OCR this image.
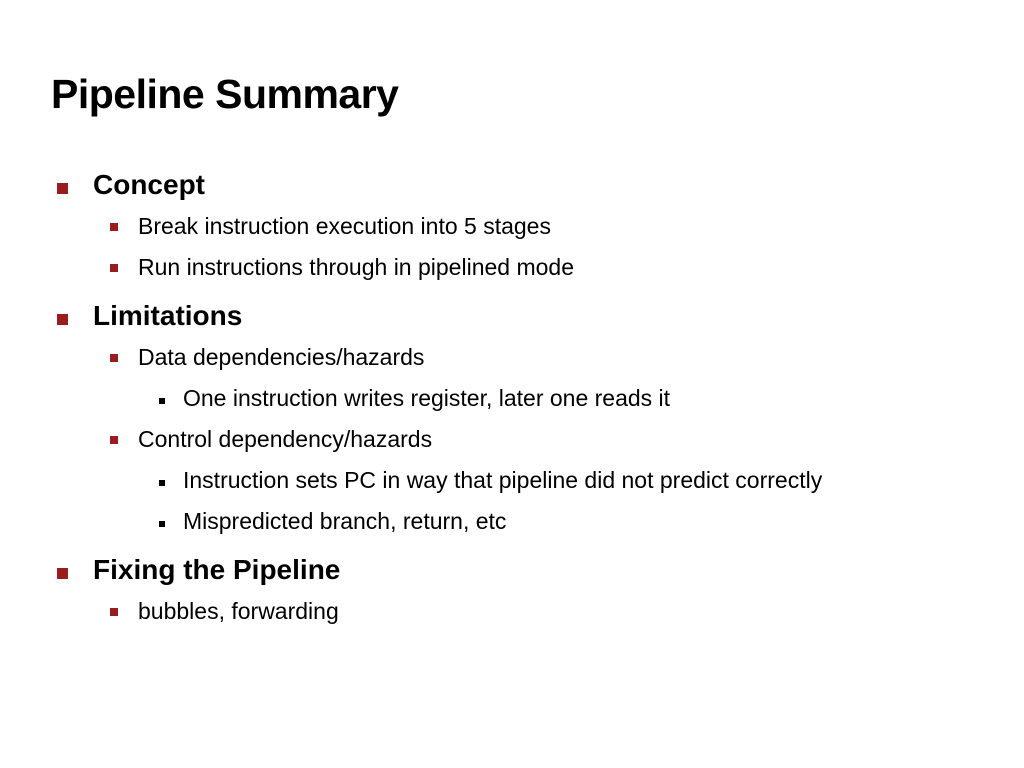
Pipeline Summary
Concept
Break instruction execution into 5 stages
Run instructions through in pipelined mode
Limitations
Data dependencies/hazards
One instruction writes register, later one reads it
Control dependency/hazards
Instruction sets PC in way that pipeline did not predict correctly
Mispredicted branch, return, etc
Fixing the Pipeline
bubbles, forwarding
